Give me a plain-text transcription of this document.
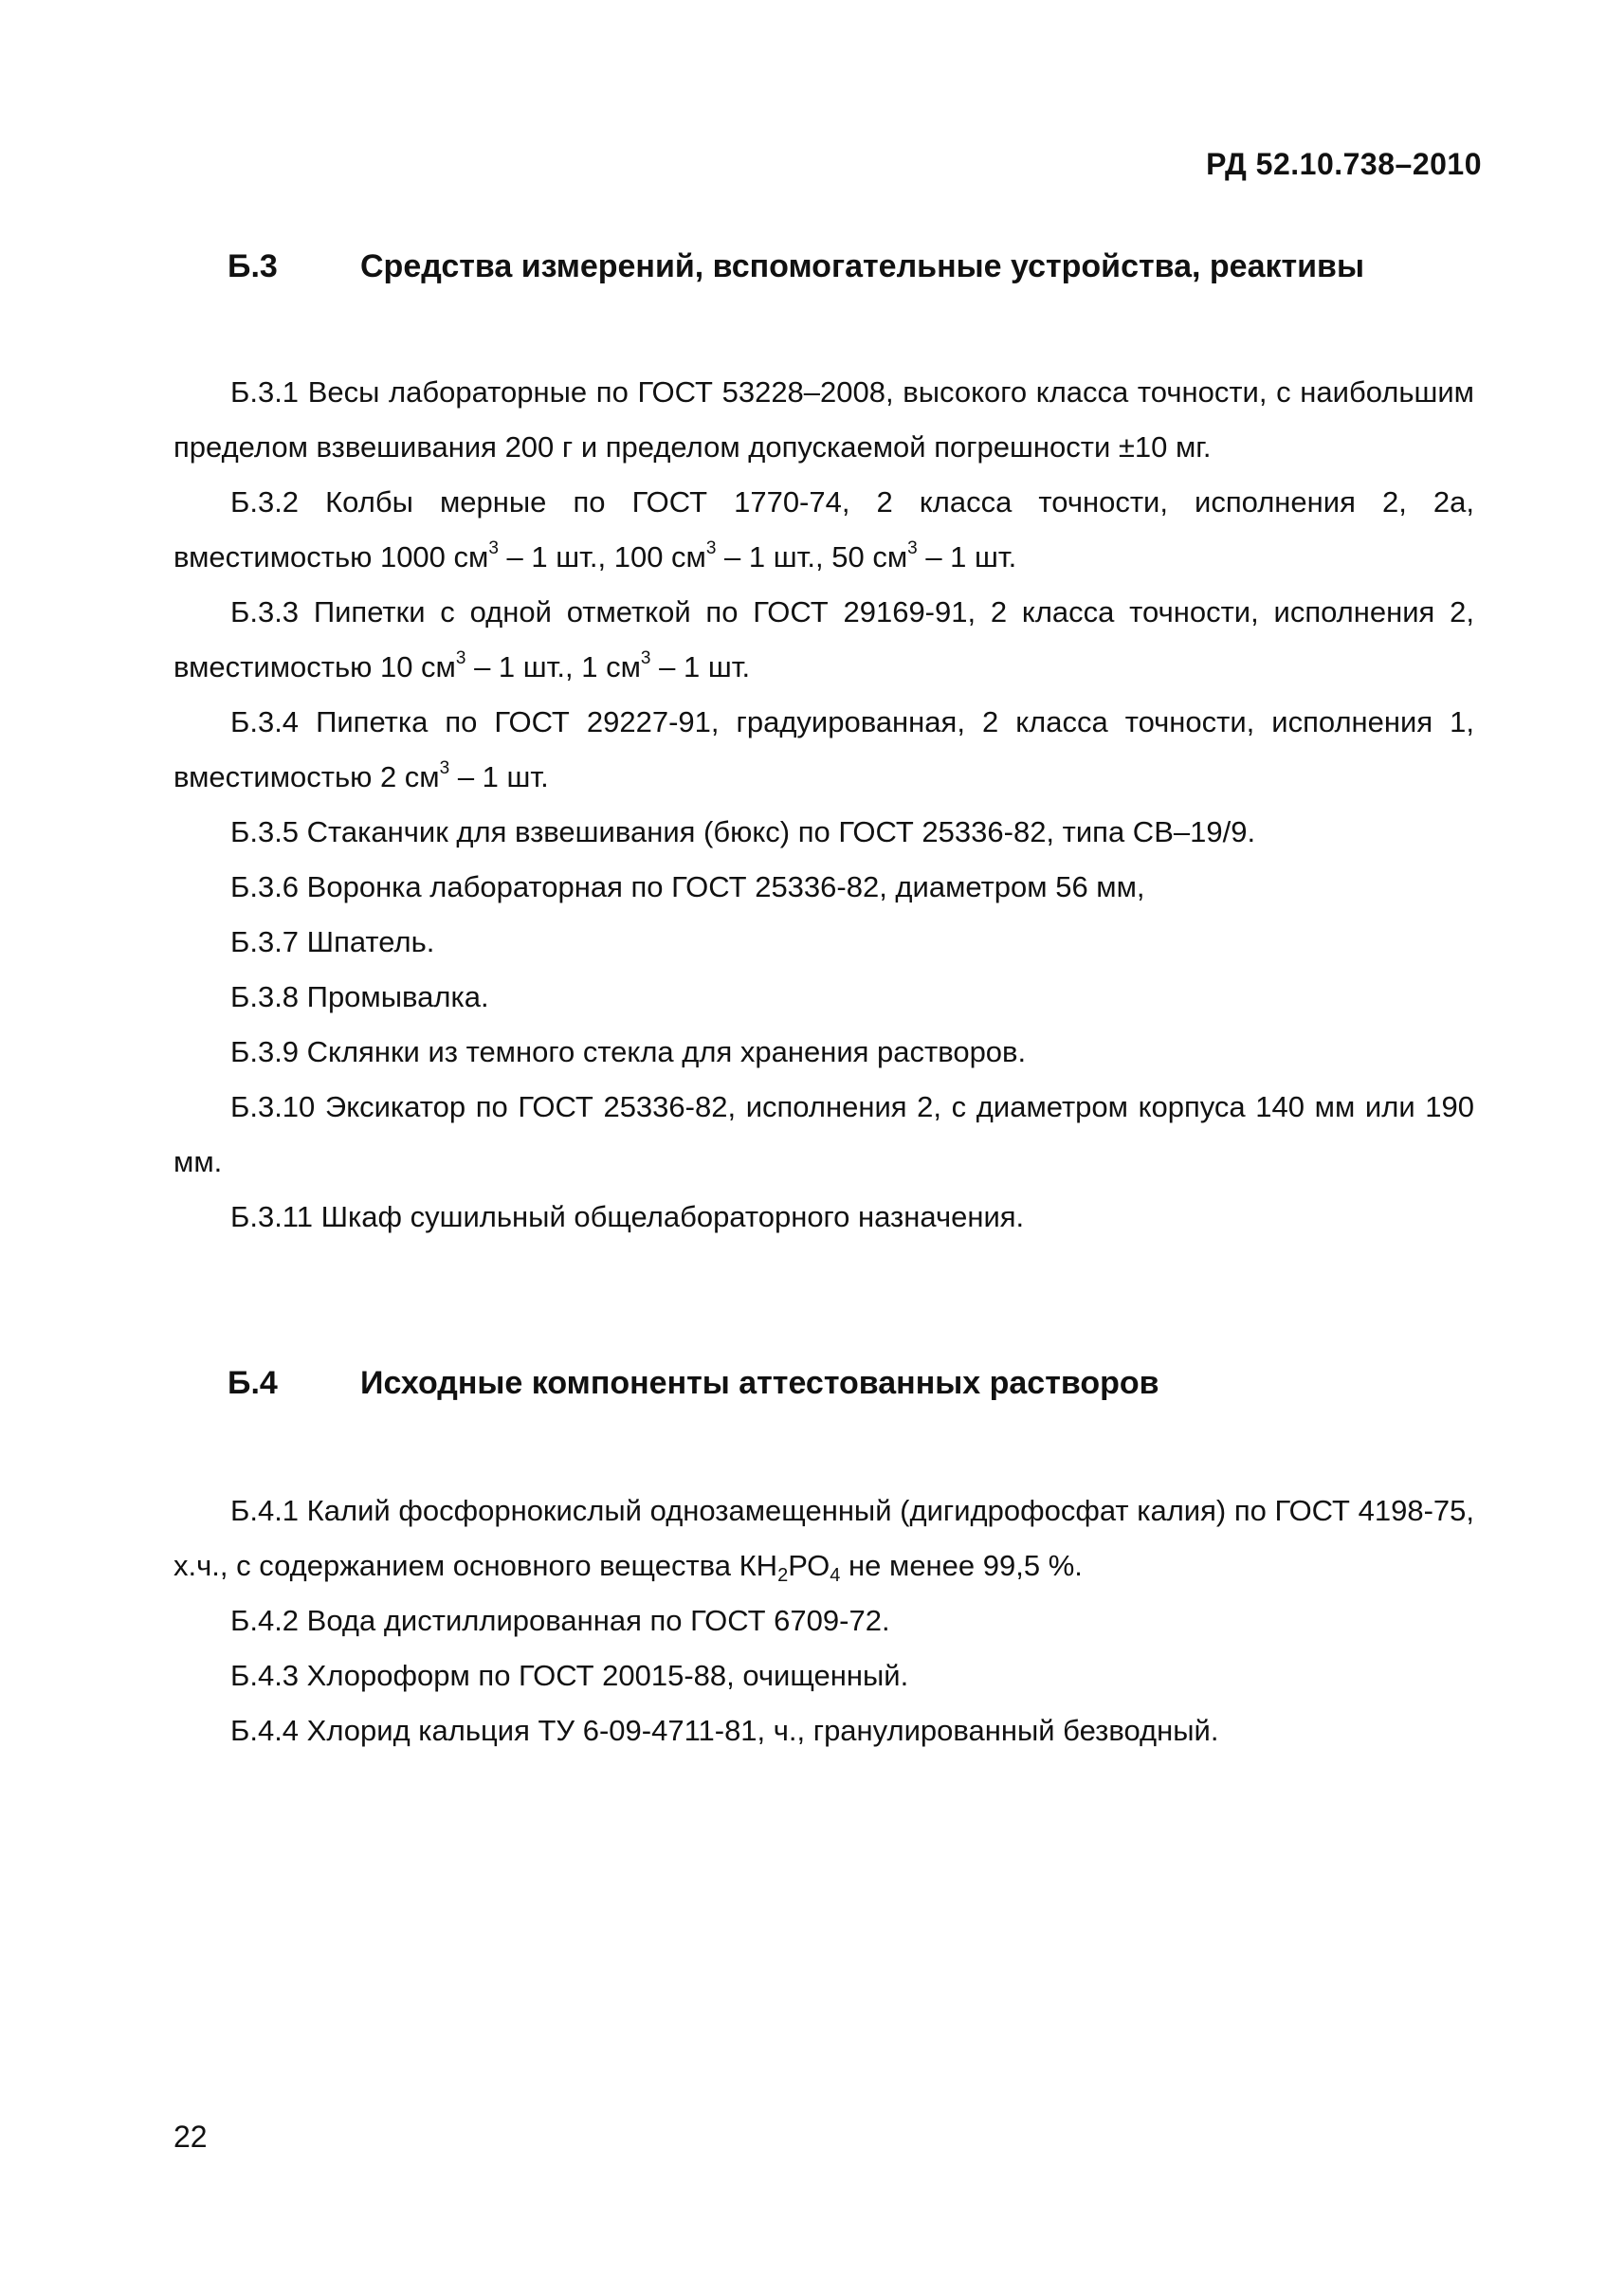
РД 52.10.738–2010
Б.3	Средства измерений, вспомогательные устройства, реактивы

Б.3.1 Весы лабораторные по ГОСТ 53228–2008, высокого класса точности, с наибольшим пределом взвешивания 200 г и пределом допускаемой погрешности ±10 мг.

Б.3.2 Колбы мерные по ГОСТ 1770-74, 2 класса точности, исполнения 2, 2а, вместимостью 1000 $см^3 - 1$ шт., 100 $см^3 - 1$ шт., 50 $см^3 - 1$ шт.

Б.3.3 Пипетки с одной отметкой по ГОСТ 29169-91, 2 класса точности, исполнения 2, вместимостью 10 $см^3 - 1$ шт., 1 $см^3 - 1$ шт.

Б.3.4 Пипетка по ГОСТ 29227-91, градуированная, 2 класса точности, исполнения 1, вместимостью 2 $см^3 - 1$ шт.

Б.3.5 Стаканчик для взвешивания (бюкс) по ГОСТ 25336-82, типа СВ–19/9.

Б.3.6 Воронка лабораторная по ГОСТ 25336-82, диаметром 56 мм,

Б.3.7 Шпатель.

Б.3.8 Промывалка.

Б.3.9 Склянки из темного стекла для хранения растворов.

Б.3.10 Эксикатор по ГОСТ 25336-82, исполнения 2, с диаметром корпуса 140 мм или 190 мм.

Б.3.11 Шкаф сушильный общелабораторного назначения.

Б.4	Исходные компоненты аттестованных растворов

Б.4.1 Калий фосфорнокислый однозамещенный (дигидрофосфат калия) по ГОСТ 4198-75, х.ч., с содержанием основного вещества $КН_2РО_4$ не менее 99,5 %.

Б.4.2 Вода дистиллированная по ГОСТ 6709-72.

Б.4.3 Хлороформ по ГОСТ 20015-88, очищенный.

Б.4.4 Хлорид кальция ТУ 6-09-4711-81, ч., гранулированный безводный.

22
